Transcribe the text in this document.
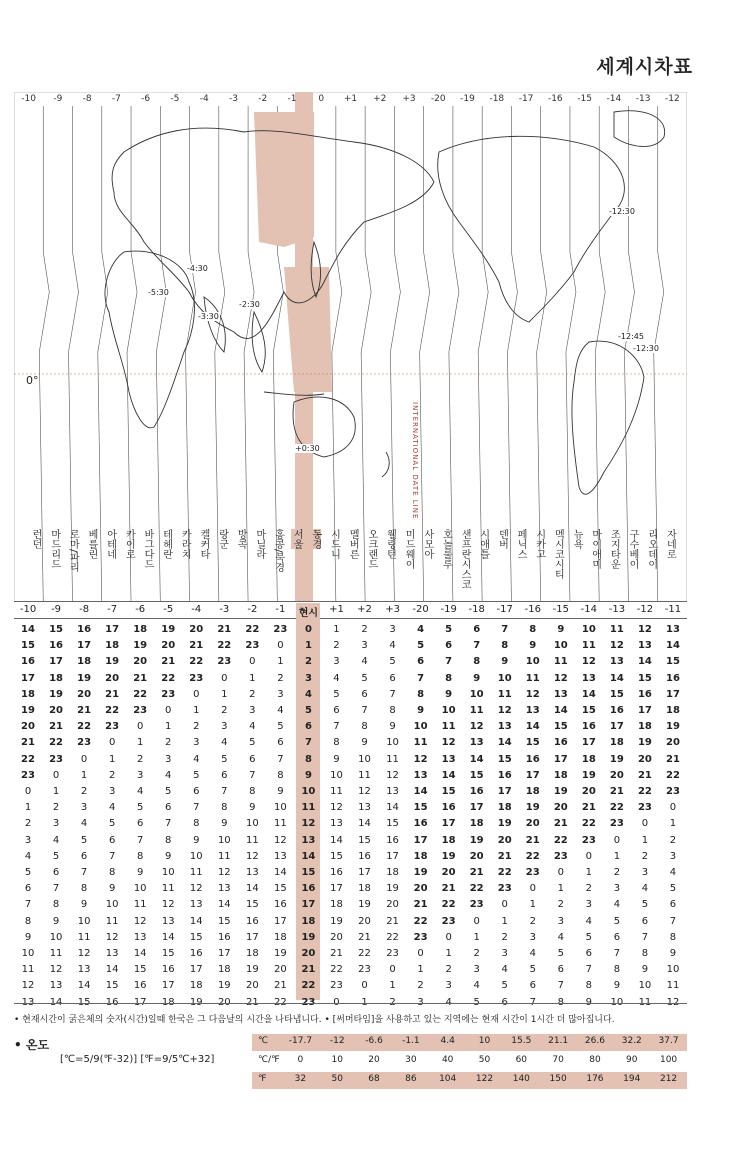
세계시차표
-10 -9 -8 -7 -6 -5 -4 -3 -2 -1 0 +1 +2 +3 -20 -19 -18 -17 -16 -15 -14 -13 -12
-4:30
-5:30
-3:30
-2:30
+0:30
-12:30
-12:45
-12:30
0°
INTERNATIONAL DATE LINE
런던 마드리드 로마/파리 베를린 아테네 카이로 바그다드 테헤란 카라치 켈커타 랑군 방콕 마닐라 홍콩/북경 서울 동경 시드니 멜버른 오크랜드 웰링턴 미드웨이 사모아 호놀룰루 샌프란시스코 시애틀 덴버 페닉스 시카고 멕시코시티 뉴욕 마이애미 조지타운 구수베이 리오데이 자네로
-10 -9 -8 -7 -6 -5 -4 -3 -2 -1 현시 +1 +2 +3 -20 -19 -18 -17 -16 -15 -14 -13 -12 -11
14 15 16 17 18 19 20 21 22 23 0 1 2 3 4 5 6 7 8 9 10 11 12 13
15 16 17 18 19 20 21 22 23 0 1 2 3 4 5 6 7 8 9 10 11 12 13 14
16 17 18 19 20 21 22 23 0 1 2 3 4 5 6 7 8 9 10 11 12 13 14 15
17 18 19 20 21 22 23 0 1 2 3 4 5 6 7 8 9 10 11 12 13 14 15 16
18 19 20 21 22 23 0 1 2 3 4 5 6 7 8 9 10 11 12 13 14 15 16 17
19 20 21 22 23 0 1 2 3 4 5 6 7 8 9 10 11 12 13 14 15 16 17 18
20 21 22 23 0 1 2 3 4 5 6 7 8 9 10 11 12 13 14 15 16 17 18 19
21 22 23 0 1 2 3 4 5 6 7 8 9 10 11 12 13 14 15 16 17 18 19 20
22 23 0 1 2 3 4 5 6 7 8 9 10 11 12 13 14 15 16 17 18 19 20 21
23 0 1 2 3 4 5 6 7 8 9 10 11 12 13 14 15 16 17 18 19 20 21 22
0 1 2 3 4 5 6 7 8 9 10 11 12 13 14 15 16 17 18 19 20 21 22 23
1 2 3 4 5 6 7 8 9 10 11 12 13 14 15 16 17 18 19 20 21 22 23 0
2 3 4 5 6 7 8 9 10 11 12 13 14 15 16 17 18 19 20 21 22 23 0 1
3 4 5 6 7 8 9 10 11 12 13 14 15 16 17 18 19 20 21 22 23 0 1 2
4 5 6 7 8 9 10 11 12 13 14 15 16 17 18 19 20 21 22 23 0 1 2 3
5 6 7 8 9 10 11 12 13 14 15 16 17 18 19 20 21 22 23 0 1 2 3 4
6 7 8 9 10 11 12 13 14 15 16 17 18 19 20 21 22 23 0 1 2 3 4 5
7 8 9 10 11 12 13 14 15 16 17 18 19 20 21 22 23 0 1 2 3 4 5 6
8 9 10 11 12 13 14 15 16 17 18 19 20 21 22 23 0 1 2 3 4 5 6 7
9 10 11 12 13 14 15 16 17 18 19 20 21 22 23 0 1 2 3 4 5 6 7 8
10 11 12 13 14 15 16 17 18 19 20 21 22 23 0 1 2 3 4 5 6 7 8 9
11 12 13 14 15 16 17 18 19 20 21 22 23 0 1 2 3 4 5 6 7 8 9 10
12 13 14 15 16 17 18 19 20 21 22 23 0 1 2 3 4 5 6 7 8 9 10 11
• 현재시간이 굵은체의 숫자(시간)일때 한국은 그 다음날의 시간을 나타냅니다. • [써머타임]을 사용하고 있는 지역에는 현재 시간이 1시간 더 많아집니다.
• 온도
[℃=5/9(℉-32)] [℉=9/5℃+32]
℃ -17.7 -12 -6.6 -1.1 4.4	10 15.5 21.1 26.6 32.2 37.7
℃/℉ 0	10	20	30	40	50	60	70	80	90 100
℉	32	50	68	86 104 122 140 150 176 194 212
